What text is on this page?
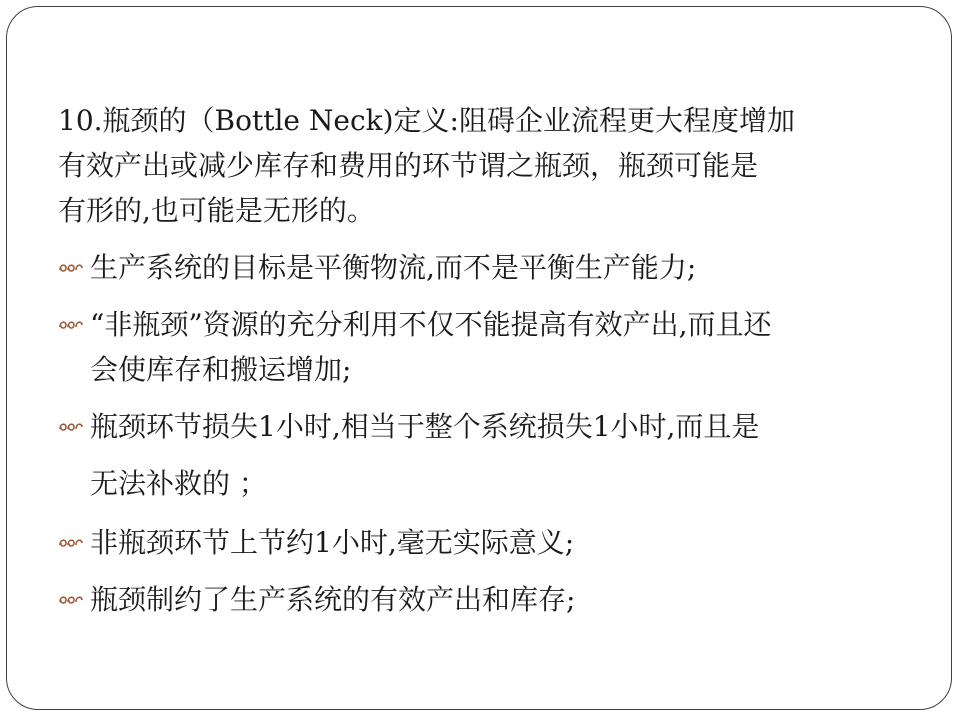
10.瓶颈的（Bottle Neck)定义:阻碍企业流程更大程度增加
有效产出或减少库存和费用的环节谓之瓶颈，瓶颈可能是
有形的,也可能是无形的。
生产系统的目标是平衡物流,而不是平衡生产能力;
“非瓶颈”资源的充分利用不仅不能提高有效产出,而且还
会使库存和搬运增加;
瓶颈环节损失1小时,相当于整个系统损失1小时,而且是
无法补救的 ；
非瓶颈环节上节约1小时,毫无实际意义;
瓶颈制约了生产系统的有效产出和库存;
